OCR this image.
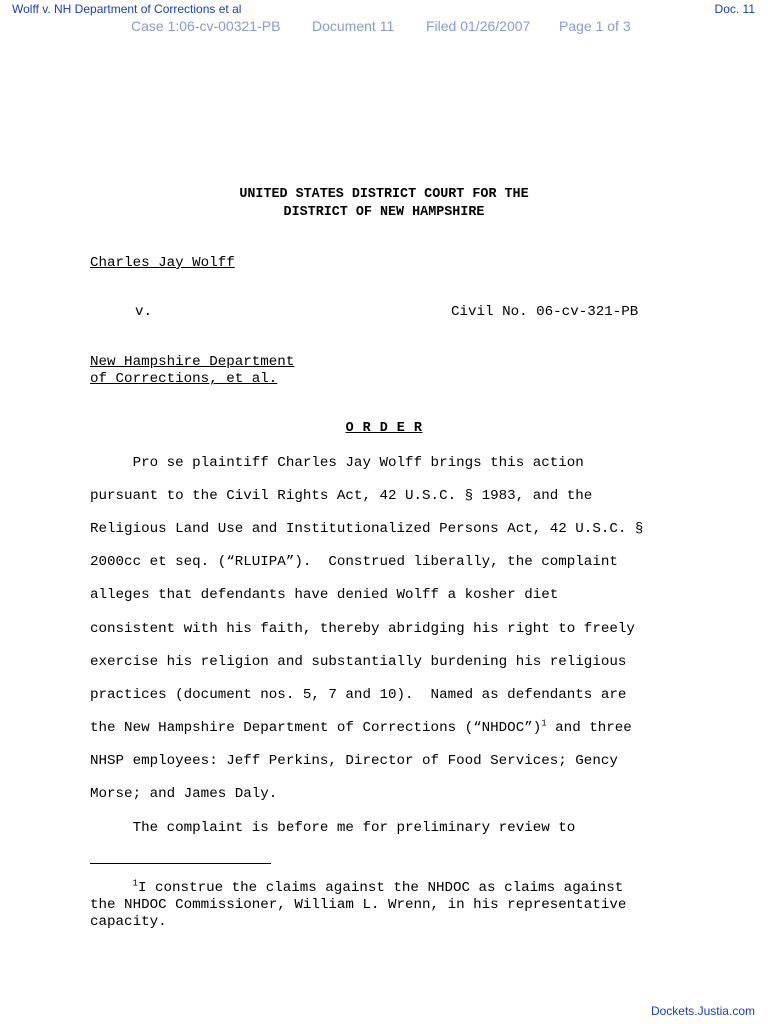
Wolff v. NH Department of Corrections et al	Doc. 11
Case 1:06-cv-00321-PB	Document 11	Filed 01/26/2007	Page 1 of 3
UNITED STATES DISTRICT COURT FOR THE
DISTRICT OF NEW HAMPSHIRE
Charles Jay Wolff
v.	Civil No. 06-cv-321-PB
New Hampshire Department
of Corrections, et al.
O R D E R
Pro se plaintiff Charles Jay Wolff brings this action
pursuant to the Civil Rights Act, 42 U.S.C. § 1983, and the
Religious Land Use and Institutionalized Persons Act, 42 U.S.C. §
2000cc et seq. (“RLUIPA”).  Construed liberally, the complaint
alleges that defendants have denied Wolff a kosher diet
consistent with his faith, thereby abridging his right to freely
exercise his religion and substantially burdening his religious
practices (document nos. 5, 7 and 10).  Named as defendants are
the New Hampshire Department of Corrections (“NHDOC”)$^1$ and three
NHSP employees: Jeff Perkins, Director of Food Services; Gency
Morse; and James Daly.
The complaint is before me for preliminary review to
$^1$I construe the claims against the NHDOC as claims against
the NHDOC Commissioner, William L. Wrenn, in his representative
capacity.
Dockets.Justia.com
